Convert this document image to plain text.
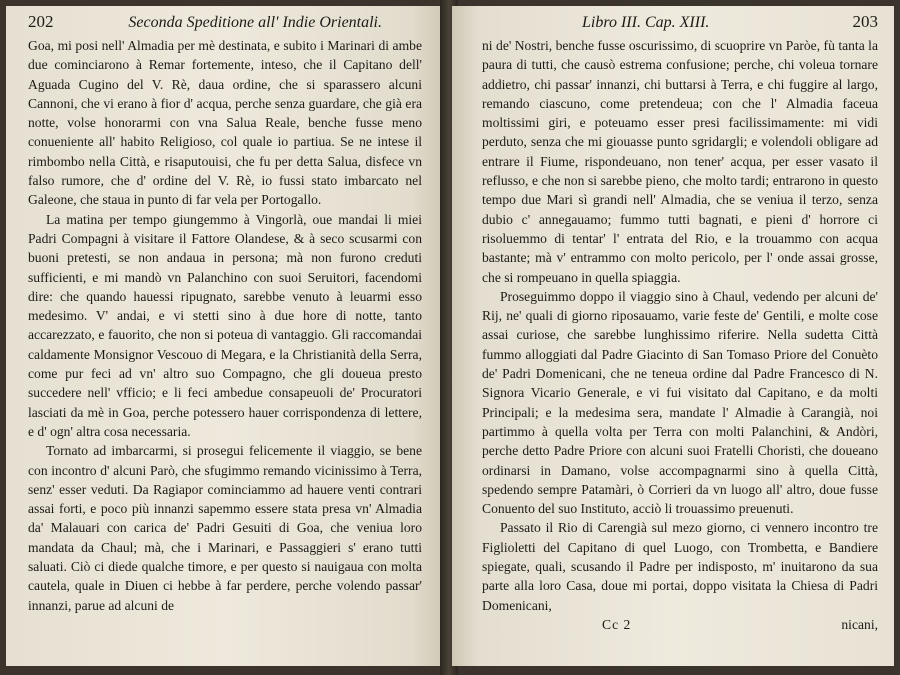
202	Seconda Speditione all' Indie Orientali.

Goa, mi posi nell' Almadia per mè destinata, e subito i Marinari di ambe due cominciarono à Remar fortemente, inteso, che il Capitano dell' Aguada Cugino del V. Rè, daua ordine, che si sparassero alcuni Cannoni, che vi erano à fior d' acqua, perche senza guardare, che già era notte, volse honorarmi con vna Salua Reale, benche fusse meno conueniente all' habito Religioso, col quale io partiua. Se ne intese il rimbombo nella Città, e risaputouisi, che fu per detta Salua, disfece vn falso rumore, che d' ordine del V. Rè, io fussi stato imbarcato nel Galeone, che staua in punto di far vela per Portogallo.

La matina per tempo giungemmo à Vingorlà, oue mandai li miei Padri Compagni à visitare il Fattore Olandese, & à seco scusarmi con buoni pretesti, se non andaua in persona; mà non furono creduti sufficienti, e mi mandò vn Palanchino con suoi Seruitori, facendomi dire: che quando hauessi ripugnato, sarebbe venuto à leuarmi esso medesimo. V' andai, e vi stetti sino à due hore di notte, tanto accarezzato, e fauorito, che non si poteua di vantaggio. Gli raccomandai caldamente Monsignor Vescouo di Megara, e la Christianità della Serra, come pur feci ad vn' altro suo Compagno, che gli doueua presto succedere nell' vfficio; e li feci ambedue consapeuoli de' Procuratori lasciati da mè in Goa, perche potessero hauer corrispondenza di lettere, e d' ogn' altra cosa necessaria.

Tornato ad imbarcarmi, si prosegui felicemente il viaggio, se bene con incontro d' alcuni Parò, che sfugimmo remando vicinissimo à Terra, senz' esser veduti. Da Ragiapor cominciammo ad hauere venti contrari assai forti, e poco più innanzi sapemmo essere stata presa vn' Almadia da' Malauari con carica de' Padri Gesuiti di Goa, che veniua loro mandata da Chaul; mà, che i Marinari, e Passaggieri s' erano tutti saluati. Ciò ci diede qualche timore, e per questo si nauigaua con molta cautela, quale in Diuen ci hebbe à far perdere, perche volendo passar' innanzi, parue ad alcuni de

Libro III. Cap. XIII.	203

ni de' Nostri, benche fusse oscurissimo, di scuoprire vn Paròe, fù tanta la paura di tutti, che causò estrema confusione; perche, chi voleua tornare addietro, chi passar' innanzi, chi buttarsi à Terra, e chi fuggire al largo, remando ciascuno, come pretendeua; con che l' Almadia faceua moltissimi giri, e poteuamo esser presi facilissimamente: mi vidi perduto, senza che mi giouasse punto sgridargli; e volendoli obligare ad entrare il Fiume, rispondeuano, non tener' acqua, per esser vasato il reflusso, e che non si sarebbe pieno, che molto tardi; entrarono in questo tempo due Mari sì grandi nell' Almadia, che se veniua il terzo, senza dubio c' annegauamo; fummo tutti bagnati, e pieni d' horrore ci risoluemmo di tentar' l' entrata del Rio, e la trouammo con acqua bastante; mà v' entrammo con molto pericolo, per l' onde assai grosse, che si rompeuano in quella spiaggia.

Proseguimmo doppo il viaggio sino à Chaul, vedendo per alcuni de' Rij, ne' quali di giorno riposauamo, varie feste de' Gentili, e molte cose assai curiose, che sarebbe lunghissimo riferire. Nella sudetta Città fummo alloggiati dal Padre Giacinto di San Tomaso Priore del Conuèto de' Padri Domenicani, che ne teneua ordine dal Padre Francesco di N. Signora Vicario Generale, e vi fui visitato dal Capitano, e da molti Principali; e la medesima sera, mandate l' Almadie à Carangià, noi partimmo à quella volta per Terra con molti Palanchini, & Andòri, perche detto Padre Priore con alcuni suoi Fratelli Choristi, che doueano ordinarsi in Damano, volse accompagnarmi sino à quella Città, spedendo sempre Patamàri, ò Corrieri da vn luogo all' altro, doue fusse Conuento del suo Instituto, acciò li trouassimo preuenuti.

Passato il Rio di Carengià sul mezo giorno, ci vennero incontro tre Figlioletti del Capitano di quel Luogo, con Trombetta, e Bandiere spiegate, quali, scusando il Padre per indisposto, m' inuitarono da sua parte alla loro Casa, doue mi portai, doppo visitata la Chiesa di Padri Domenicani,

Cc 2	nicani,
